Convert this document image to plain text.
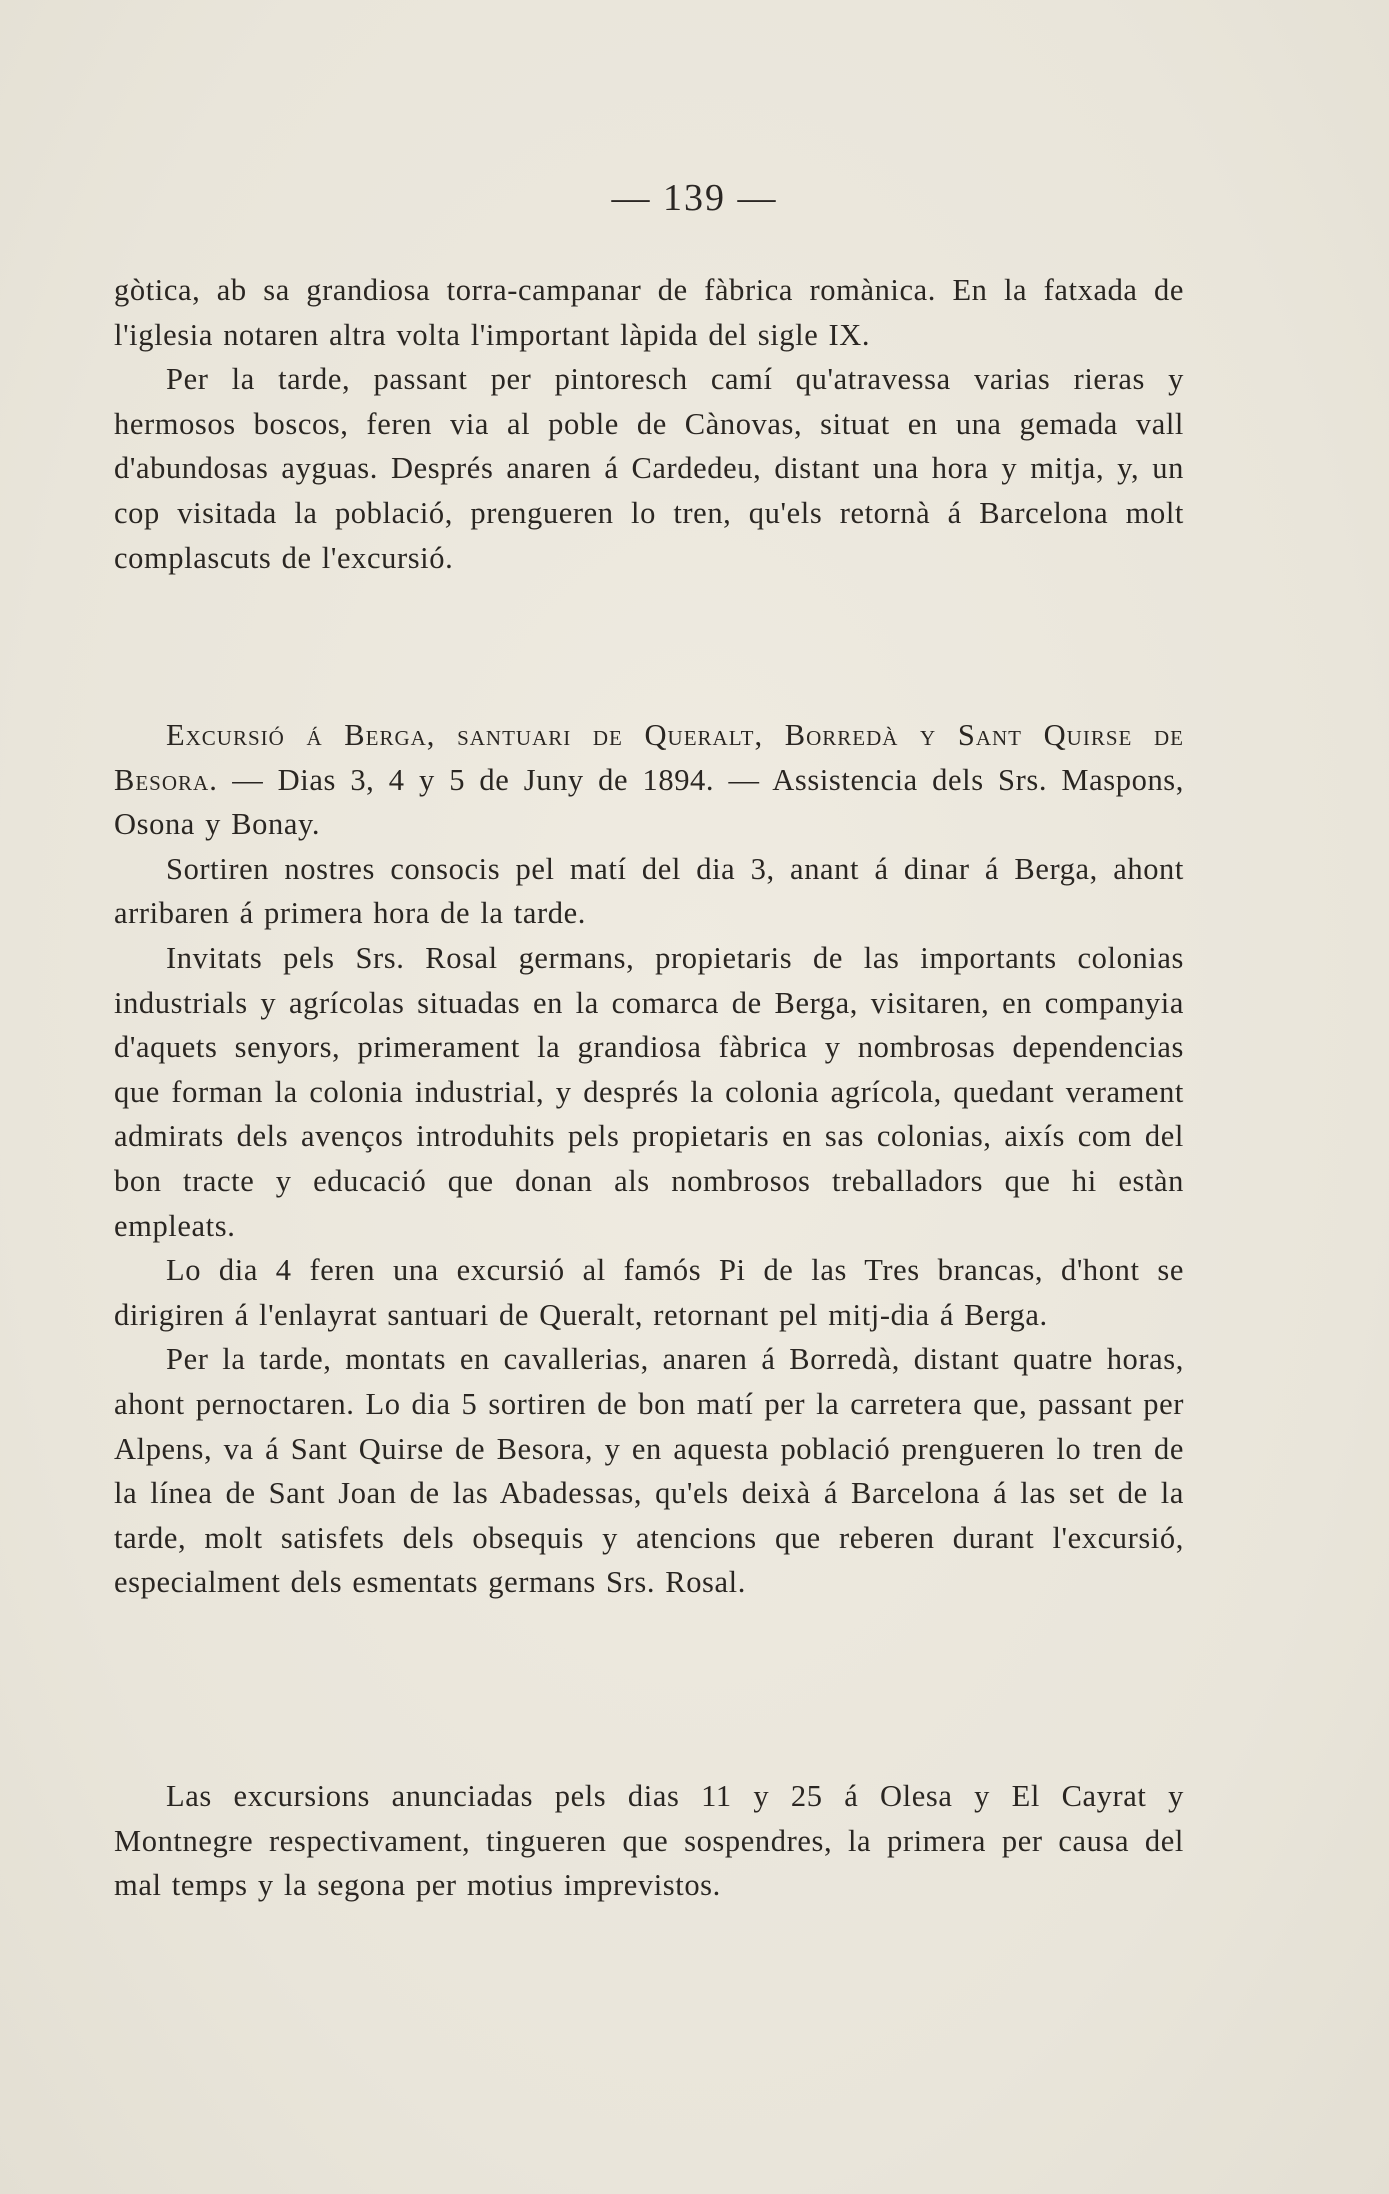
— 139 —

gòtica, ab sa grandiosa torra-campanar de fàbrica romànica. En la fatxada de l'iglesia notaren altra volta l'important làpida del sigle IX.

Per la tarde, passant per pintoresch camí qu'atravessa varias rieras y hermosos boscos, feren via al poble de Cànovas, situat en una gemada vall d'abundosas ayguas. Després anaren á Cardedeu, distant una hora y mitja, y, un cop visitada la població, prengueren lo tren, qu'els retornà á Barcelona molt complascuts de l'excursió.

Excursió á Berga, santuari de Queralt, Borredà y Sant Quirse de Besora. — Dias 3, 4 y 5 de Juny de 1894. — Assistencia dels Srs. Maspons, Osona y Bonay.

Sortiren nostres consocis pel matí del dia 3, anant á dinar á Berga, ahont arribaren á primera hora de la tarde.

Invitats pels Srs. Rosal germans, propietaris de las importants colonias industrials y agrícolas situadas en la comarca de Berga, visitaren, en companyia d'aquets senyors, primerament la grandiosa fàbrica y nombrosas dependencias que forman la colonia industrial, y després la colonia agrícola, quedant verament admirats dels avenços introduhits pels propietaris en sas colonias, aixís com del bon tracte y educació que donan als nombrosos treballadors que hi estàn empleats.

Lo dia 4 feren una excursió al famós Pi de las Tres brancas, d'hont se dirigiren á l'enlayrat santuari de Queralt, retornant pel mitj-dia á Berga.

Per la tarde, montats en cavallerias, anaren á Borredà, distant quatre horas, ahont pernoctaren. Lo dia 5 sortiren de bon matí per la carretera que, passant per Alpens, va á Sant Quirse de Besora, y en aquesta població prengueren lo tren de la línea de Sant Joan de las Abadessas, qu'els deixà á Barcelona á las set de la tarde, molt satisfets dels obsequis y atencions que reberen durant l'excursió, especialment dels esmentats germans Srs. Rosal.

Las excursions anunciadas pels dias 11 y 25 á Olesa y El Cayrat y Montnegre respectivament, tingueren que sospendres, la primera per causa del mal temps y la segona per motius imprevistos.
